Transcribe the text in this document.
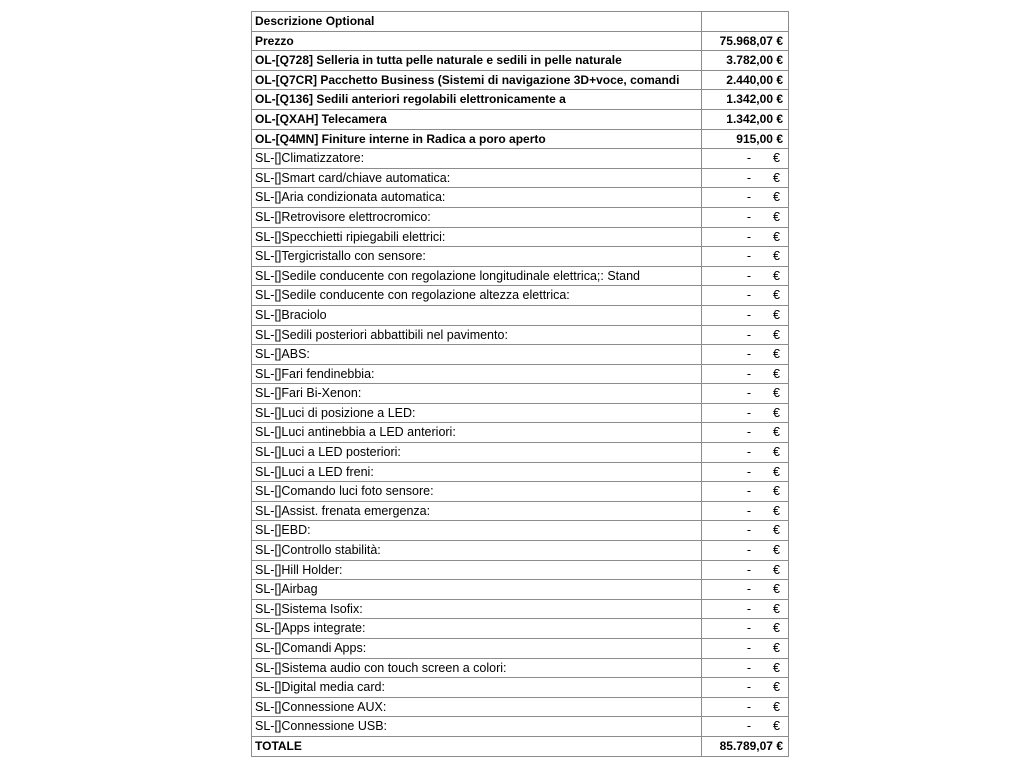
Descrizione Optional
Prezzo	75.968,07 €
OL-[Q728] Selleria in tutta pelle naturale e sedili in pelle naturale	3.782,00 €
OL-[Q7CR] Pacchetto Business (Sistemi di navigazione 3D+voce, comandi	2.440,00 €
OL-[Q136] Sedili anteriori regolabili elettronicamente a	1.342,00 €
OL-[QXAH] Telecamera	1.342,00 €
OL-[Q4MN] Finiture interne in Radica a poro aperto	915,00 €
SL-[]Climatizzatore:	-	€
SL-[]Smart card/chiave automatica:	-	€
SL-[]Aria condizionata automatica:	-	€
SL-[]Retrovisore elettrocromico:	-	€
SL-[]Specchietti ripiegabili elettrici:	-	€
SL-[]Tergicristallo con sensore:	-	€
SL-[]Sedile conducente con regolazione longitudinale elettrica;: Stand	-	€
SL-[]Sedile conducente con regolazione altezza elettrica:	-	€
SL-[]Braciolo	-	€
SL-[]Sedili posteriori abbattibili nel pavimento:	-	€
SL-[]ABS:	-	€
SL-[]Fari fendinebbia:	-	€
SL-[]Fari Bi-Xenon:	-	€
SL-[]Luci di posizione a LED:	-	€
SL-[]Luci antinebbia a LED anteriori:	-	€
SL-[]Luci a LED posteriori:	-	€
SL-[]Luci a LED freni:	-	€
SL-[]Comando luci foto sensore:	-	€
SL-[]Assist. frenata emergenza:	-	€
SL-[]EBD:	-	€
SL-[]Controllo stabilità:	-	€
SL-[]Hill Holder:	-	€
SL-[]Airbag	-	€
SL-[]Sistema Isofix:	-	€
SL-[]Apps integrate:	-	€
SL-[]Comandi Apps:	-	€
SL-[]Sistema audio con touch screen a colori:	-	€
SL-[]Digital media card:	-	€
SL-[]Connessione AUX:	-	€
SL-[]Connessione USB:	-	€
TOTALE	85.789,07 €
